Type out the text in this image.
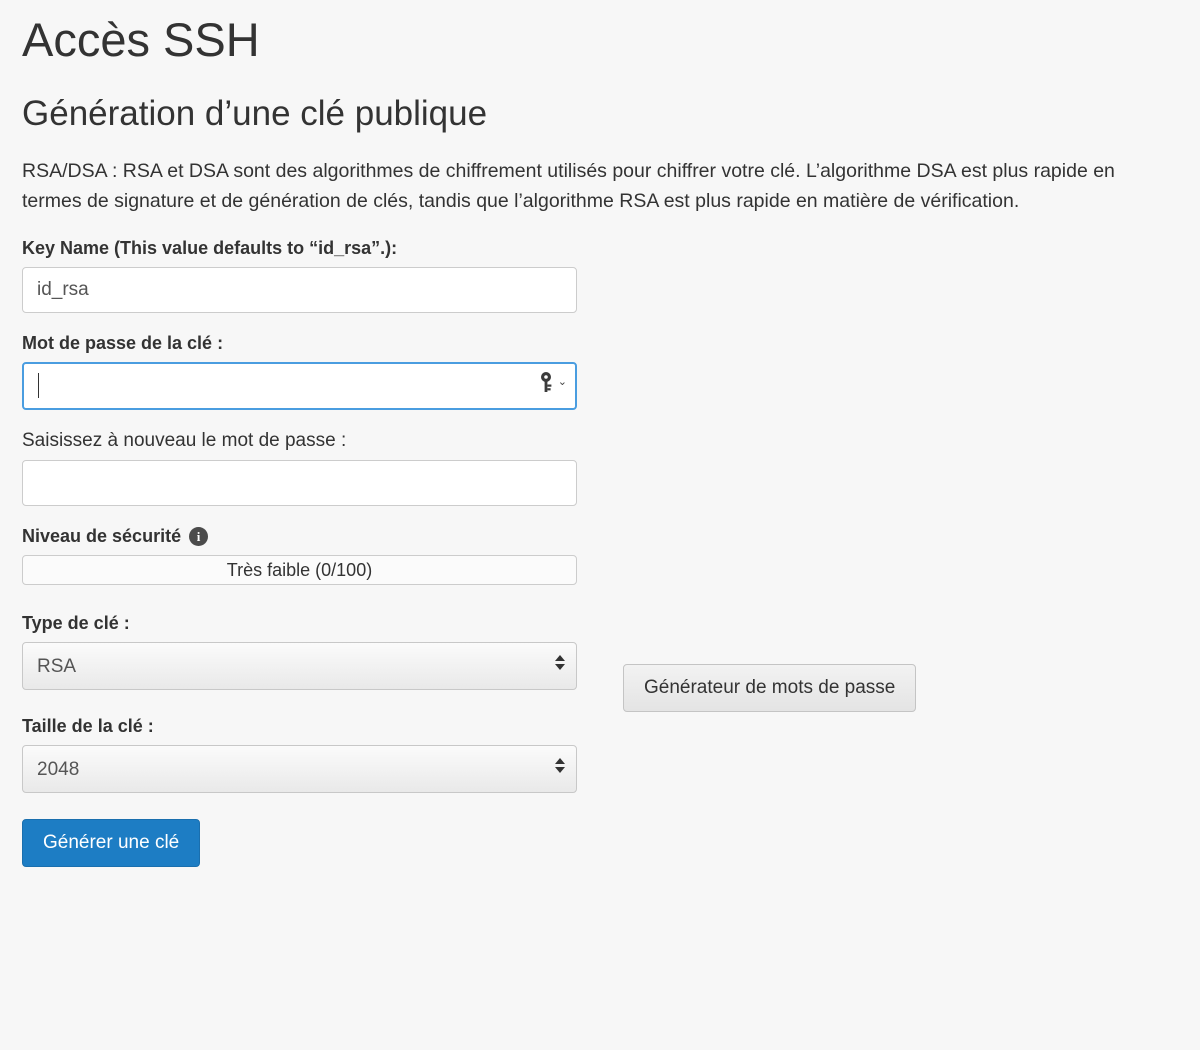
Accès SSH
Génération d’une clé publique

RSA/DSA : RSA et DSA sont des algorithmes de chiffrement utilisés pour chiffrer votre clé. L’algorithme DSA est plus rapide en termes de signature et de génération de clés, tandis que l’algorithme RSA est plus rapide en matière de vérification.

Key Name (This value defaults to “id_rsa”.):
id_rsa
Mot de passe de la clé :
⌄
Saisissez à nouveau le mot de passe :
Niveau de sécurité	i
Très faible (0/100)
Type de clé :
RSA
Taille de la clé :
2048
Générer une clé
Générateur de mots de passe
